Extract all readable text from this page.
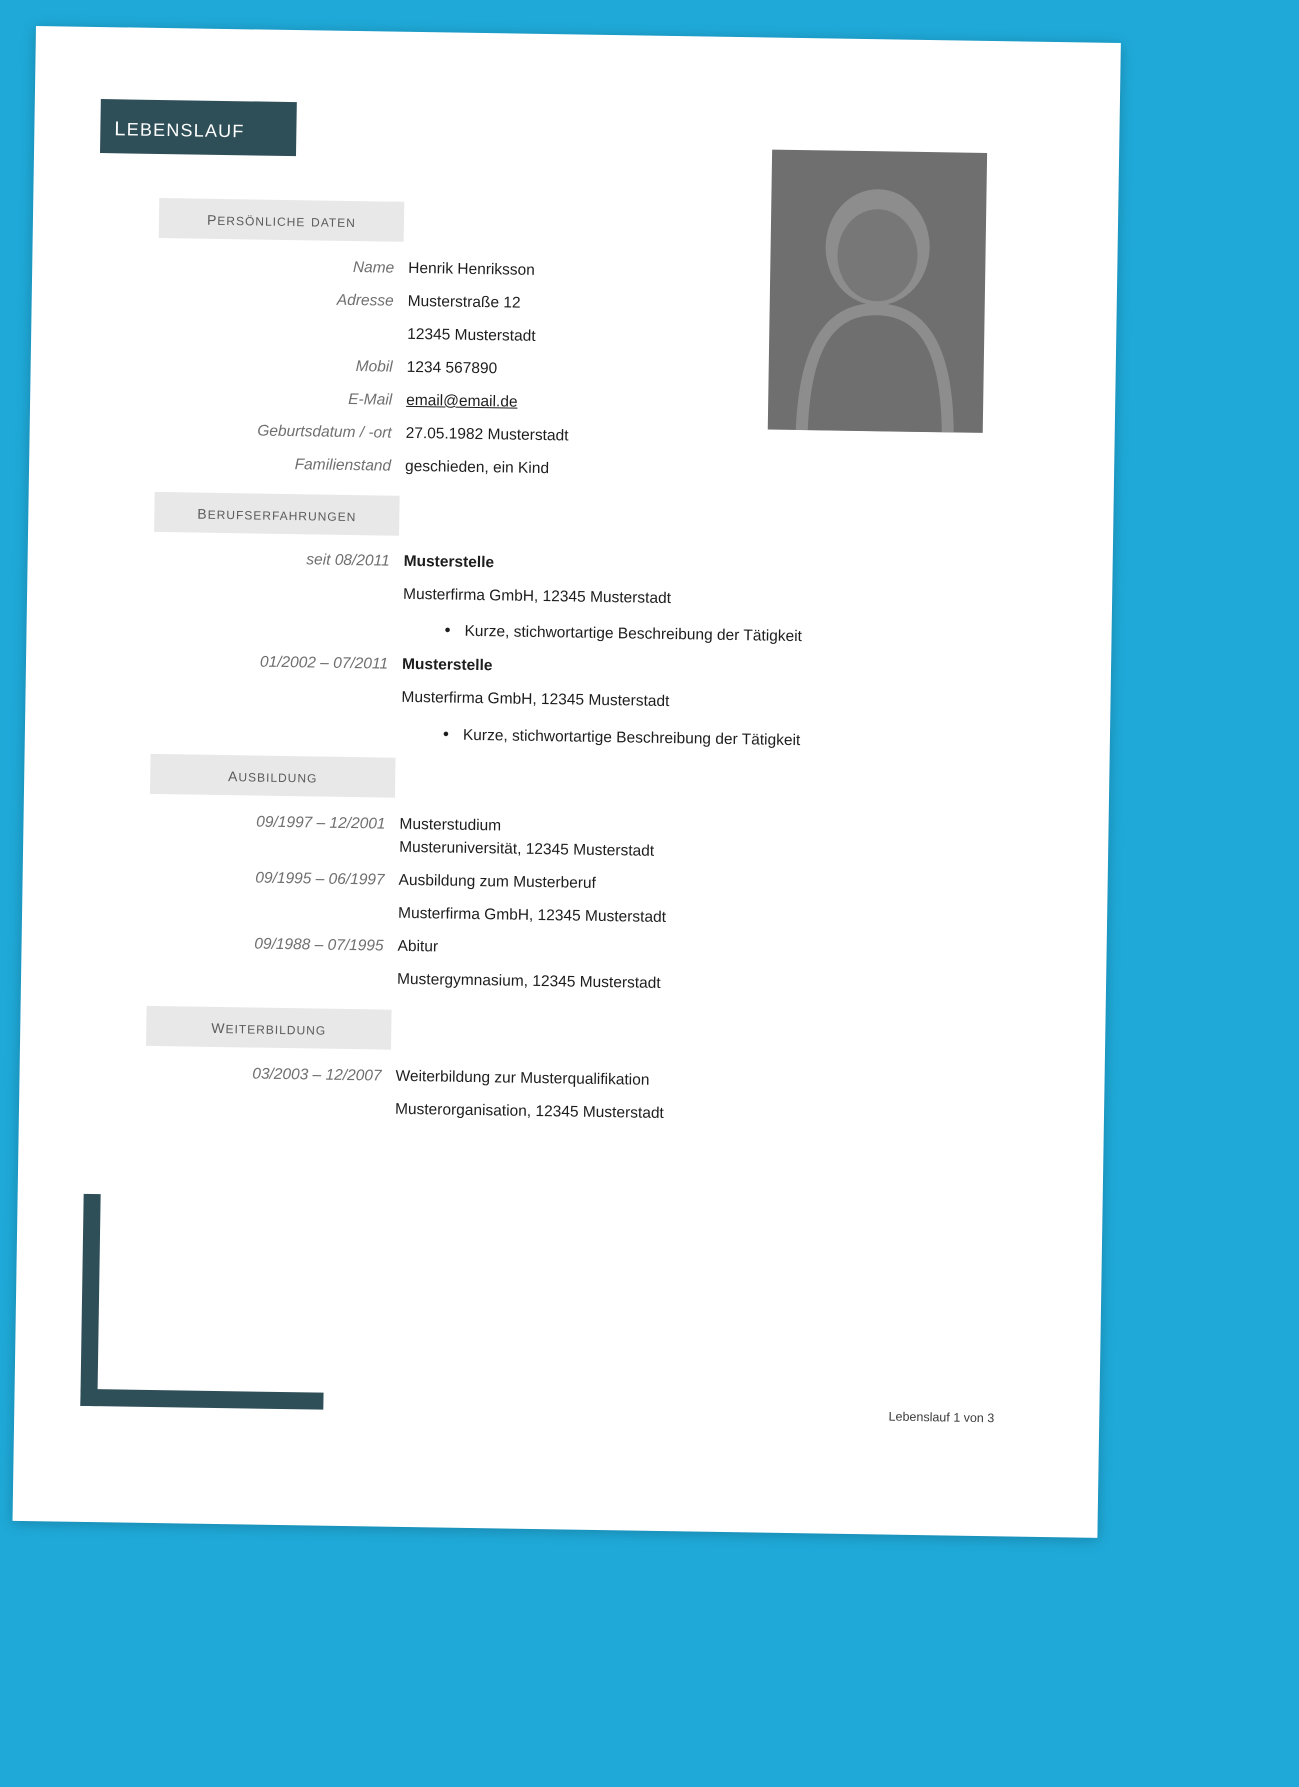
lebenslauf
persönliche daten
Name Henrik Henriksson
Adresse Musterstraße 12
12345 Musterstadt
Mobil 1234 567890
E-Mail email@email.de
Geburtsdatum / -ort 27.05.1982 Musterstadt
Familienstand geschieden, ein Kind
berufserfahrungen
seit 08/2011 Musterstelle
Musterfirma GmbH, 12345 Musterstadt
• Kurze, stichwortartige Beschreibung der Tätigkeit
01/2002 – 07/2011 Musterstelle
Musterfirma GmbH, 12345 Musterstadt
• Kurze, stichwortartige Beschreibung der Tätigkeit
ausbildung
09/1997 – 12/2001 Musterstudium
Musteruniversität, 12345 Musterstadt
09/1995 – 06/1997 Ausbildung zum Musterberuf
Musterfirma GmbH, 12345 Musterstadt
09/1988 – 07/1995 Abitur
Mustergymnasium, 12345 Musterstadt
weiterbildung
03/2003 – 12/2007 Weiterbildung zur Musterqualifikation
Musterorganisation, 12345 Musterstadt
Lebenslauf 1 von 3
